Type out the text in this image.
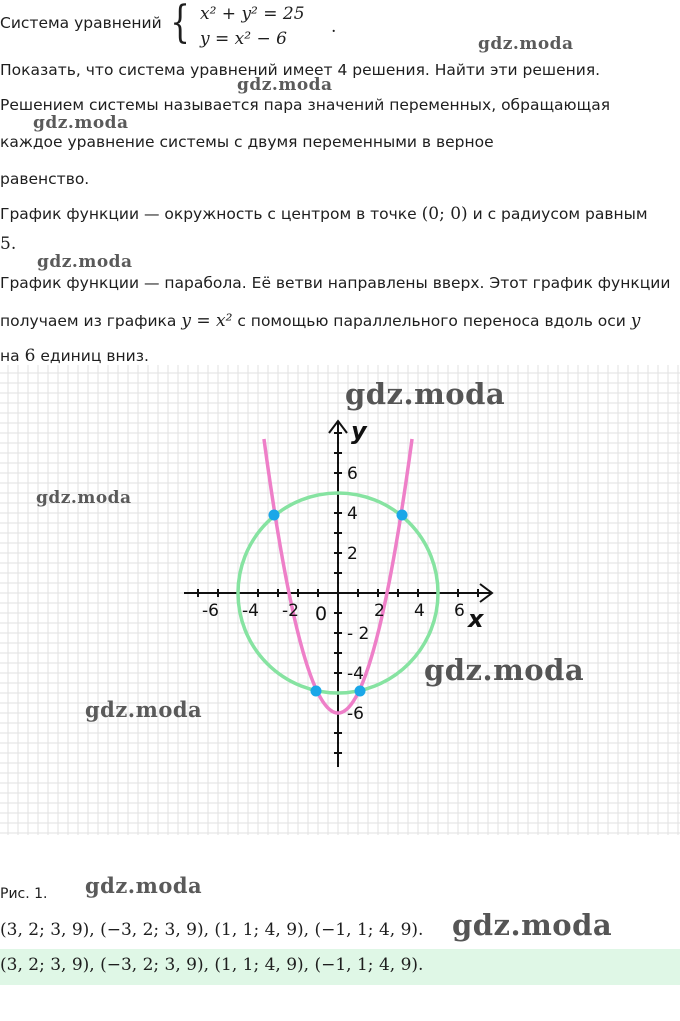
Система уравнений { x² + y² = 25
y = x² − 6
.
Показать, что система уравнений имеет 4 решения. Найти эти решения.
Решением системы называется пара значений переменных, обращающая
каждое уравнение системы с двумя переменными в верное
равенство.
График функции — окружность с центром в точке (0; 0) и с радиусом равным
5.
График функции — парабола. Её ветви направлены вверх. Этот график функции
получаем из графика y = x² с помощью параллельного переноса вдоль оси y
на 6 единиц вниз.
-6 -4 -2	2 4 6
6
4
2
- 2
-4
-6
0	x
y
Рис. 1.
(3, 2; 3, 9), (−3, 2; 3, 9), (1, 1; 4, 9), (−1, 1; 4, 9).
(3, 2; 3, 9), (−3, 2; 3, 9), (1, 1; 4, 9), (−1, 1; 4, 9).
gdz.moda
gdz.moda
gdz.moda
gdz.moda
gdz.moda
gdz.moda
gdz.moda
gdz.moda
gdz.moda
gdz.moda
